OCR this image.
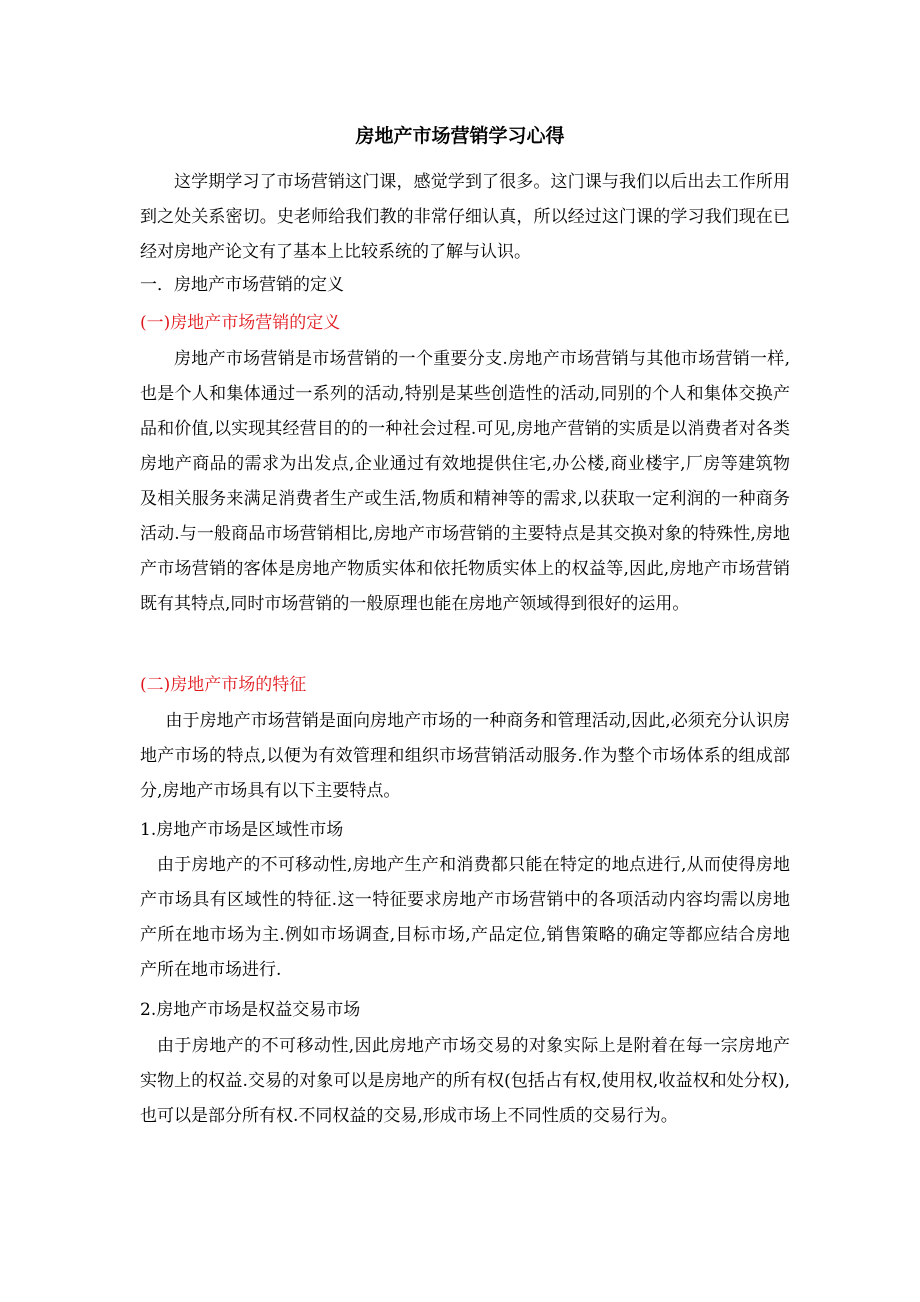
房地产市场营销学习心得

这学期学习了市场营销这门课，感觉学到了很多。这门课与我们以后出去工作所用到之处关系密切。史老师给我们教的非常仔细认真，所以经过这门课的学习我们现在已经对房地产论文有了基本上比较系统的了解与认识。

一．房地产市场营销的定义
(一)房地产市场营销的定义

房地产市场营销是市场营销的一个重要分支.房地产市场营销与其他市场营销一样,也是个人和集体通过一系列的活动,特别是某些创造性的活动,同别的个人和集体交换产品和价值,以实现其经营目的的一种社会过程.可见,房地产营销的实质是以消费者对各类房地产商品的需求为出发点,企业通过有效地提供住宅,办公楼,商业楼宇,厂房等建筑物及相关服务来满足消费者生产或生活,物质和精神等的需求,以获取一定利润的一种商务活动.与一般商品市场营销相比,房地产市场营销的主要特点是其交换对象的特殊性,房地产市场营销的客体是房地产物质实体和依托物质实体上的权益等,因此,房地产市场营销既有其特点,同时市场营销的一般原理也能在房地产领域得到很好的运用。

(二)房地产市场的特征

由于房地产市场营销是面向房地产市场的一种商务和管理活动,因此,必须充分认识房地产市场的特点,以便为有效管理和组织市场营销活动服务.作为整个市场体系的组成部分,房地产市场具有以下主要特点。

1.房地产市场是区域性市场

由于房地产的不可移动性,房地产生产和消费都只能在特定的地点进行,从而使得房地产市场具有区域性的特征.这一特征要求房地产市场营销中的各项活动内容均需以房地产所在地市场为主.例如市场调查,目标市场,产品定位,销售策略的确定等都应结合房地产所在地市场进行.

2.房地产市场是权益交易市场

由于房地产的不可移动性,因此房地产市场交易的对象实际上是附着在每一宗房地产实物上的权益.交易的对象可以是房地产的所有权(包括占有权,使用权,收益权和处分权),也可以是部分所有权.不同权益的交易,形成市场上不同性质的交易行为。
